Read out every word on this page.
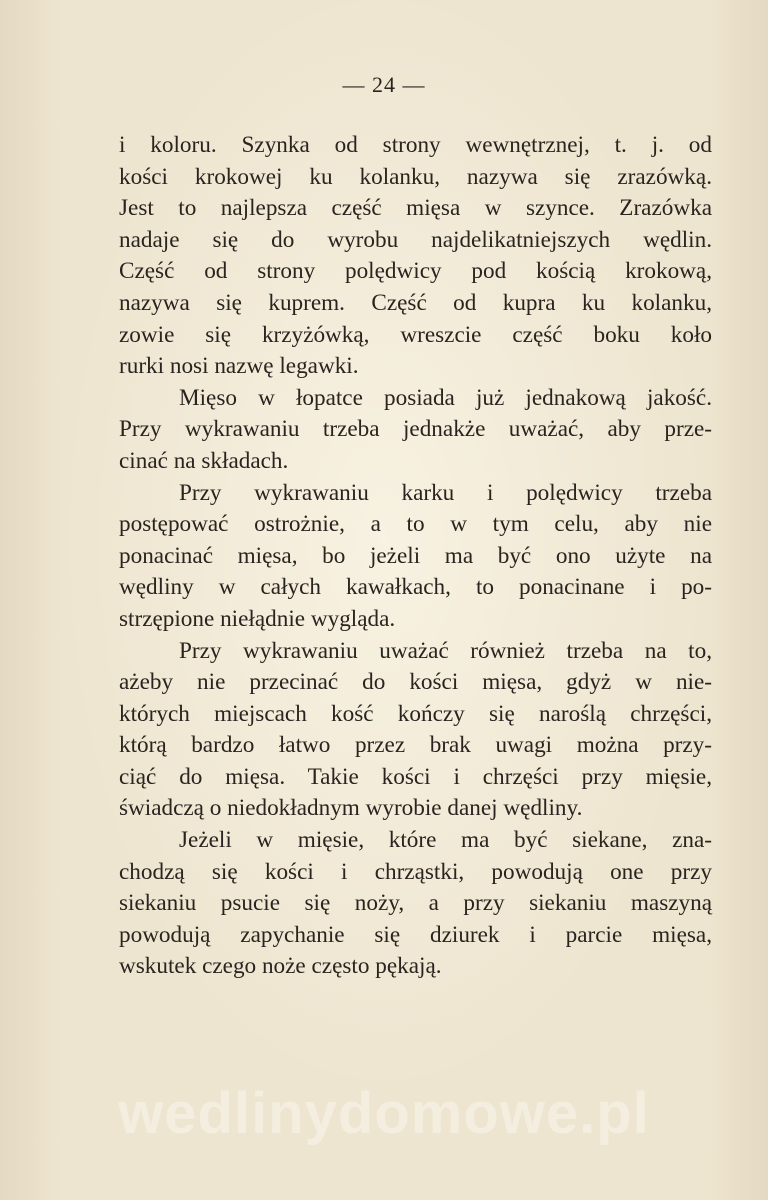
— 24 —
i koloru. Szynka od strony wewnętrznej, t. j. od
kości krokowej ku kolanku, nazywa się zrazówką.
Jest to najlepsza część mięsa w szynce. Zrazówka
nadaje się do wyrobu najdelikatniejszych wędlin.
Część od strony polędwicy pod kością krokową,
nazywa się kuprem. Część od kupra ku kolanku,
zowie się krzyżówką, wreszcie część boku koło
rurki nosi nazwę legawki.
Mięso w łopatce posiada już jednakową jakość.
Przy wykrawaniu trzeba jednakże uważać, aby prze-
cinać na składach.
Przy wykrawaniu karku i polędwicy trzeba
postępować ostrożnie, a to w tym celu, aby nie
ponacinać mięsa, bo jeżeli ma być ono użyte na
wędliny w całych kawałkach, to ponacinane i po-
strzępione niełądnie wygląda.
Przy wykrawaniu uważać również trzeba na to,
ażeby nie przecinać do kości mięsa, gdyż w nie-
których miejscach kość kończy się naroślą chrzęści,
którą bardzo łatwo przez brak uwagi można przy-
ciąć do mięsa. Takie kości i chrzęści przy mięsie,
świadczą o niedokładnym wyrobie danej wędliny.
Jeżeli w mięsie, które ma być siekane, zna-
chodzą się kości i chrząstki, powodują one przy
siekaniu psucie się noży, a przy siekaniu maszyną
powodują zapychanie się dziurek i parcie mięsa,
wskutek czego noże często pękają.
wedlinydomowe.pl
